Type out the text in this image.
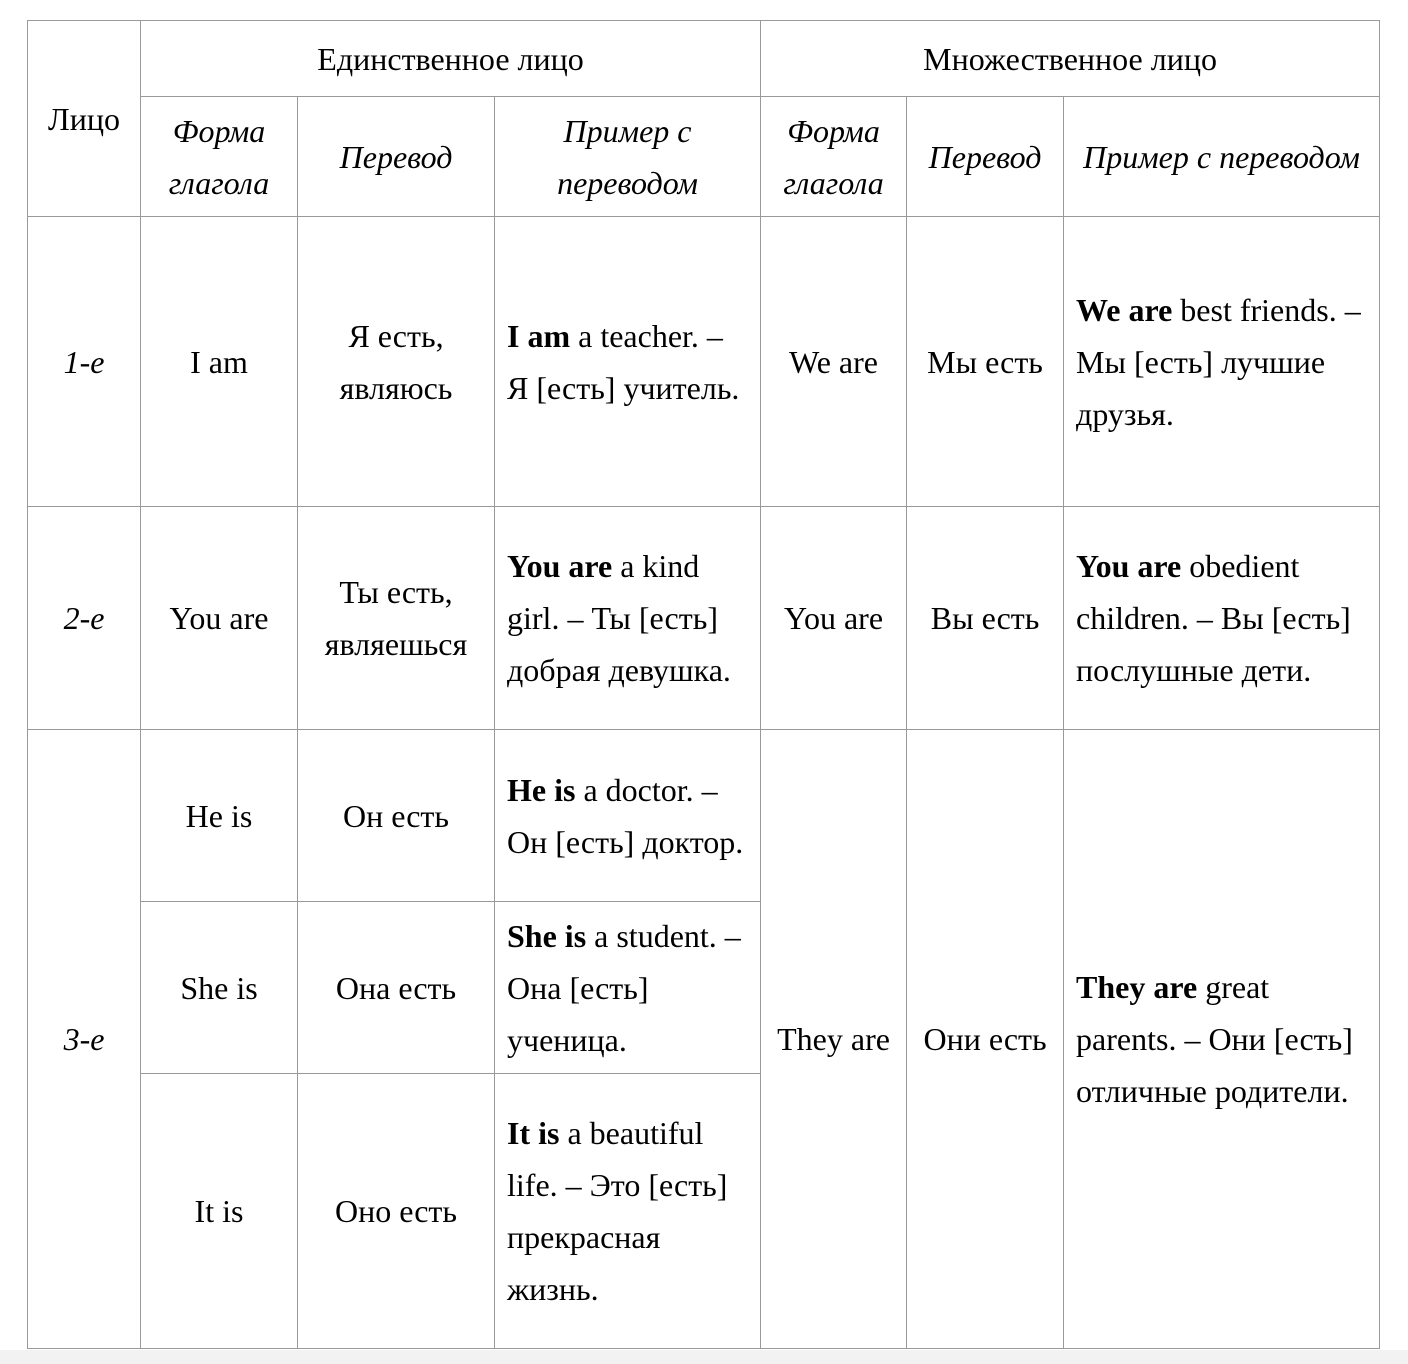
Лицо	Единственное лицо			Множественное лицо		
	Форма глагола	Перевод	Пример с переводом	Форма глагола	Перевод	Пример с переводом
1-е	I am	Я есть, являюсь	I am a teacher. – Я [есть] учитель.	We are	Мы есть	We are best friends. – Мы [есть] лучшие друзья.
2-е	You are	Ты есть, являешься	You are a kind girl. – Ты [есть] добрая девушка.	You are	Вы есть	You are obedient children. – Вы [есть] послушные дети.
3-е	He is	Он есть	He is a doctor. – Он [есть] доктор.	They are	Они есть	They are great parents. – Они [есть] отличные родители.
	She is	Она есть	She is a student. – Она [есть] ученица.			
	It is	Оно есть	It is a beautiful life. – Это [есть] прекрасная жизнь.			
